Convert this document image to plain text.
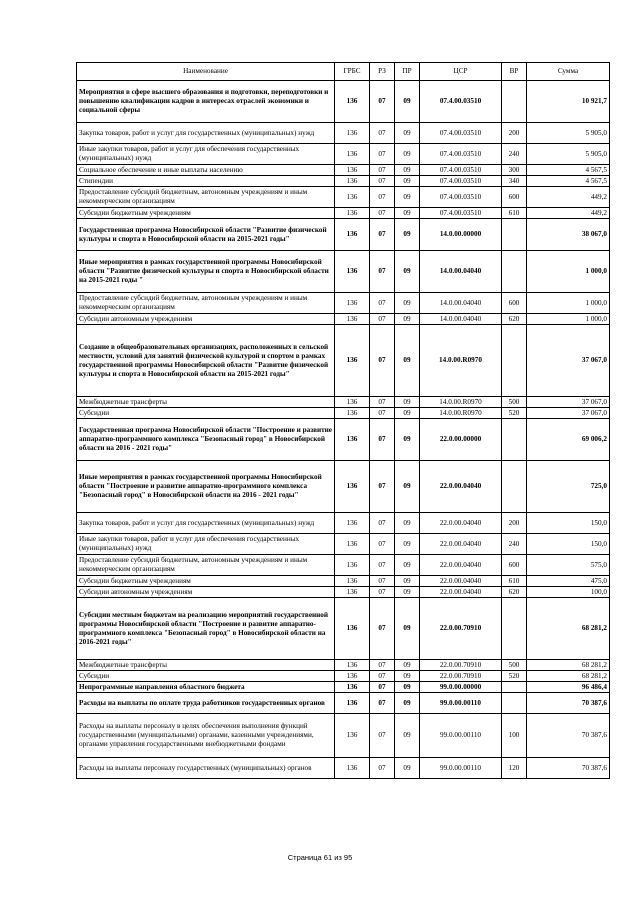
Наименование	ГРБС	РЗ	ПР	ЦСР	ВР	Сумма
Мероприятия в сфере высшего образования и подготовки, переподготовки и повышению квалификации кадров в интересах отраслей экономики и социальной сферы	136	07	09	07.4.00.03510		10 921,7
Закупка товаров, работ и услуг для государственных (муниципальных) нужд	136	07	09	07.4.00.03510	200	5 905,0
Иные закупки товаров, работ и услуг для обеспечения государственных (муниципальных) нужд	136	07	09	07.4.00.03510	240	5 905,0
Социальное обеспечение и иные выплаты населению	136	07	09	07.4.00.03510	300	4 567,5
Стипендии	136	07	09	07.4.00.03510	340	4 567,5
Предоставление субсидий бюджетным, автономным учреждениям и иным некоммерческим организациям	136	07	09	07.4.00.03510	600	449,2
Субсидии бюджетным учреждениям	136	07	09	07.4.00.03510	610	449,2
Государственная программа Новосибирской области "Развитие физической культуры и спорта в Новосибирской области на 2015-2021 годы"	136	07	09	14.0.00.00000		38 067,0
Иные мероприятия в рамках государственной программы Новосибирской области "Развитие физической культуры и спорта в Новосибирской области на 2015-2021 годы "	136	07	09	14.0.00.04040		1 000,0
Предоставление субсидий бюджетным, автономным учреждениям и иным некоммерческим организациям	136	07	09	14.0.00.04040	600	1 000,0
Субсидии автономным учреждениям	136	07	09	14.0.00.04040	620	1 000,0
Создание в общеобразовательных организациях, расположенных в сельской местности, условий для занятий физической культурой и спортом в рамках государственной программы Новосибирской области "Развитие физической культуры и спорта в Новосибирской области на 2015-2021 годы"	136	07	09	14.0.00.R0970		37 067,0
Межбюджетные трансферты	136	07	09	14.0.00.R0970	500	37 067,0
Субсидии	136	07	09	14.0.00.R0970	520	37 067,0
Государственная программа Новосибирской области "Построение и развитие аппаратно-программного комплекса "Безопасный город" в Новосибирской области на 2016 - 2021 годы"	136	07	09	22.0.00.00000		69 006,2
Иные мероприятия в рамках государственной программы Новосибирской области "Построение и развитие аппаратно-программного комплекса "Безопасный город" в Новосибирской области на 2016 - 2021 годы"	136	07	09	22.0.00.04040		725,0
Закупка товаров, работ и услуг для государственных (муниципальных) нужд	136	07	09	22.0.00.04040	200	150,0
Иные закупки товаров, работ и услуг для обеспечения государственных (муниципальных) нужд	136	07	09	22.0.00.04040	240	150,0
Предоставление субсидий бюджетным, автономным учреждениям и иным некоммерческим организациям	136	07	09	22.0.00.04040	600	575,0
Субсидии бюджетным учреждениям	136	07	09	22.0.00.04040	610	475,0
Субсидии автономным учреждениям	136	07	09	22.0.00.04040	620	100,0
Субсидии местным бюджетам на реализацию мероприятий государственной программы Новосибирской области "Построение и развитие аппаратно-программного комплекса "Безопасный город" в Новосибирской области на 2016-2021 годы"	136	07	09	22.0.00.70910		68 281,2
Межбюджетные трансферты	136	07	09	22.0.00.70910	500	68 281,2
Субсидии	136	07	09	22.0.00.70910	520	68 281,2
Непрограммные направления областного бюджета	136	07	09	99.0.00.00000		96 486,4
Расходы на выплаты по оплате труда работников государственных органов	136	07	09	99.0.00.00110		70 387,6
Расходы на выплаты персоналу в целях обеспечения выполнения функций государственными (муниципальными) органами, казенными учреждениями, органами управления государственными внебюджетными фондами	136	07	09	99.0.00.00110	100	70 387,6
Расходы на выплаты персоналу государственных (муниципальных) органов	136	07	09	99.0.00.00110	120	70 387,6
Страница 61 из 95
